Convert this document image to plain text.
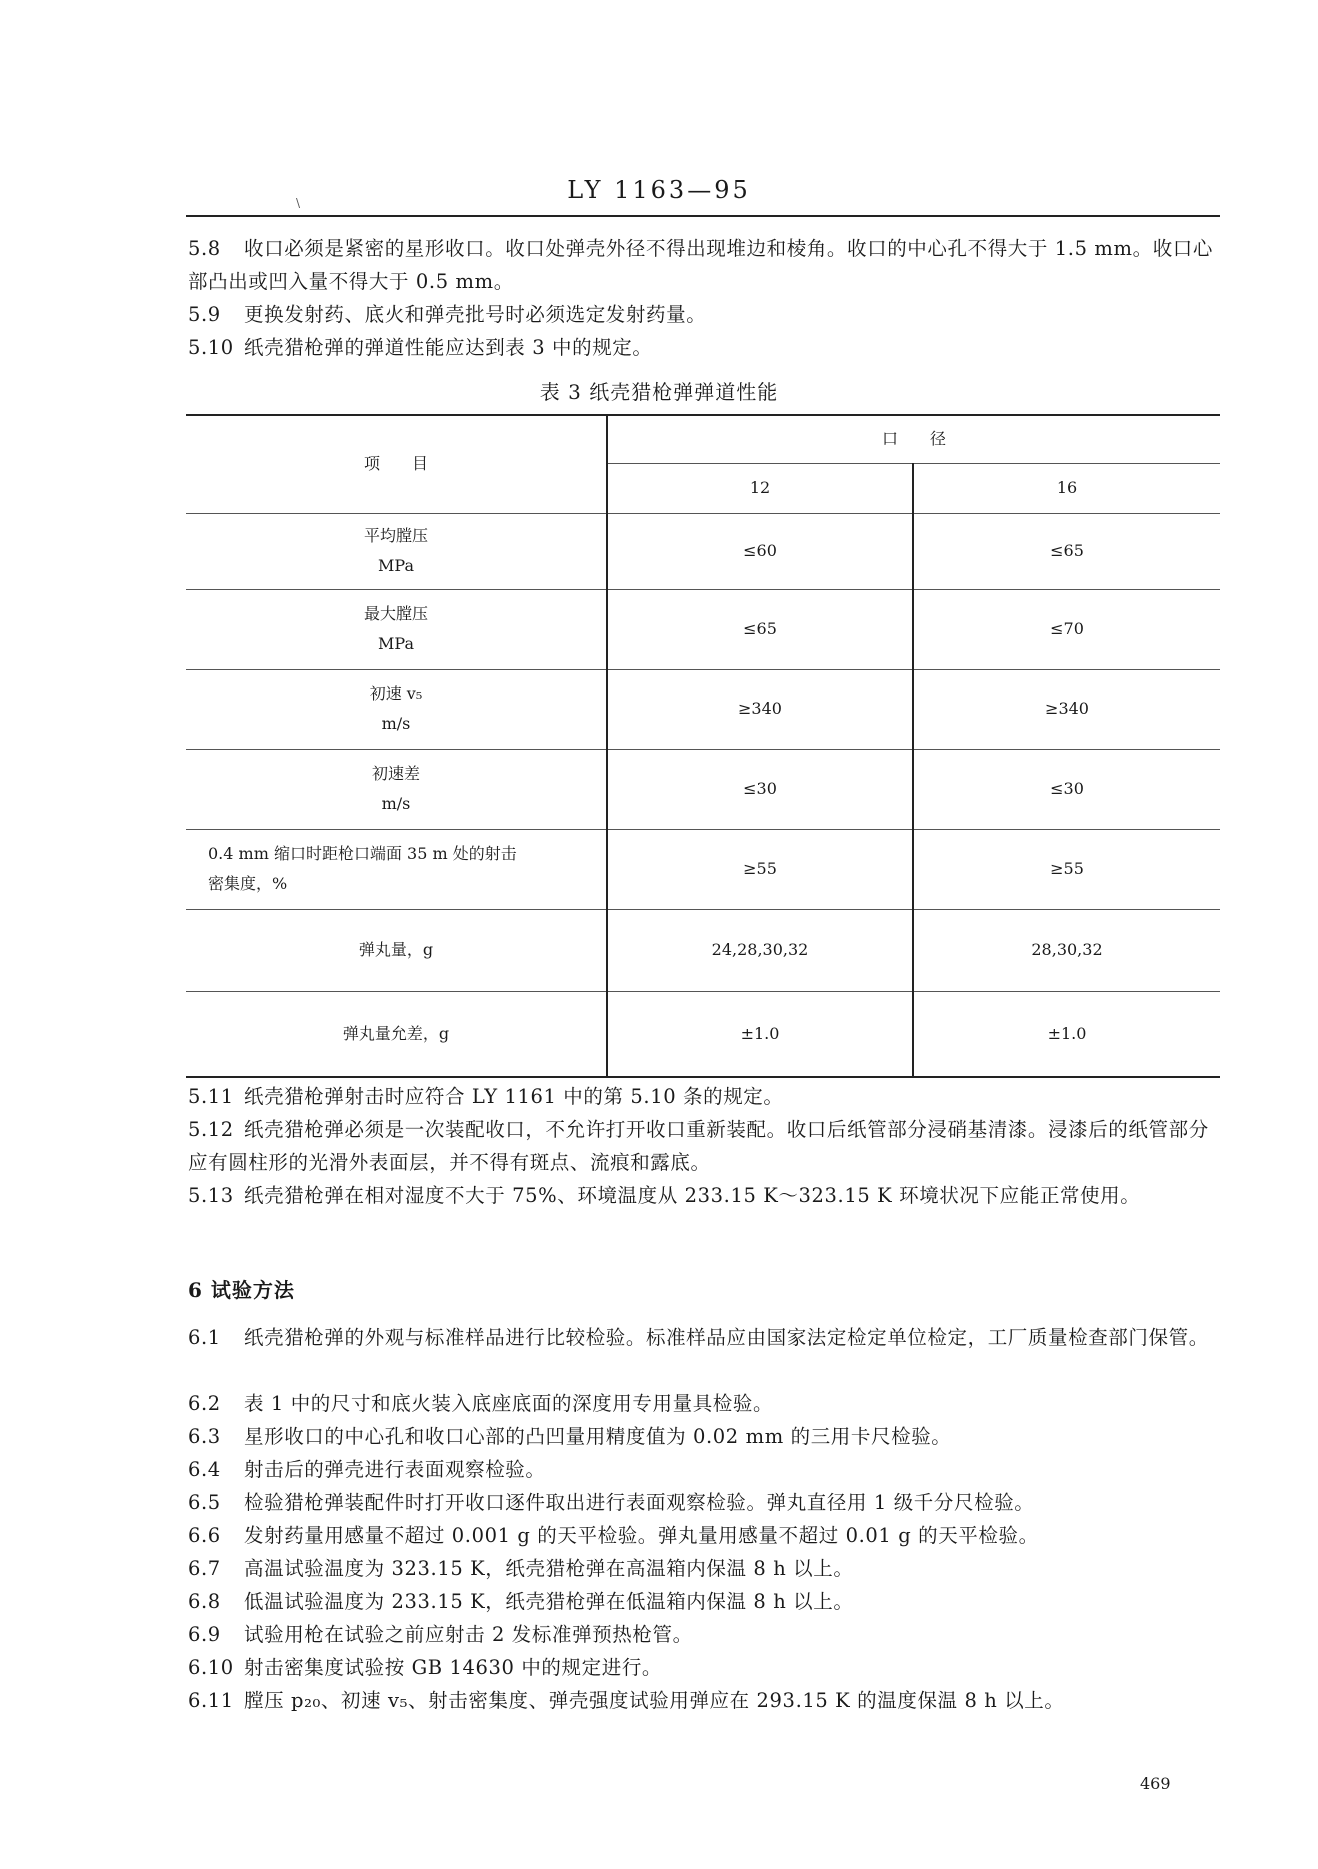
LY 1163—95
\
5.8 收口必须是紧密的星形收口。收口处弹壳外径不得出现堆边和棱角。收口的中心孔不得大于 1.5 mm。收口心部凸出或凹入量不得大于 0.5 mm。
5.9 更换发射药、底火和弹壳批号时必须选定发射药量。
5.10 纸壳猎枪弹的弹道性能应达到表 3 中的规定。
表 3 纸壳猎枪弹弹道性能
项　　目	口　　径	
	12	16

平均膛压
MPa	≤60	≤65

最大膛压
MPa	≤65	≤70

初速 v₅
m/s	≥340	≥340

初速差
m/s	≤30	≤30

0.4 mm 缩口时距枪口端面 35 m 处的射击
密集度，%	≥55	≥55
弹丸量，g	24,28,30,32	28,30,32
弹丸量允差，g	±1.0	±1.0
5.11 纸壳猎枪弹射击时应符合 LY 1161 中的第 5.10 条的规定。
5.12 纸壳猎枪弹必须是一次装配收口，不允许打开收口重新装配。收口后纸管部分浸硝基清漆。浸漆后的纸管部分应有圆柱形的光滑外表面层，并不得有斑点、流痕和露底。
5.13 纸壳猎枪弹在相对湿度不大于 75%、环境温度从 233.15 K～323.15 K 环境状况下应能正常使用。
6 试验方法
6.1 纸壳猎枪弹的外观与标准样品进行比较检验。标准样品应由国家法定检定单位检定，工厂质量检查部门保管。
6.2 表 1 中的尺寸和底火装入底座底面的深度用专用量具检验。
6.3 星形收口的中心孔和收口心部的凸凹量用精度值为 0.02 mm 的三用卡尺检验。
6.4 射击后的弹壳进行表面观察检验。
6.5 检验猎枪弹装配件时打开收口逐件取出进行表面观察检验。弹丸直径用 1 级千分尺检验。
6.6 发射药量用感量不超过 0.001 g 的天平检验。弹丸量用感量不超过 0.01 g 的天平检验。
6.7 高温试验温度为 323.15 K，纸壳猎枪弹在高温箱内保温 8 h 以上。
6.8 低温试验温度为 233.15 K，纸壳猎枪弹在低温箱内保温 8 h 以上。
6.9 试验用枪在试验之前应射击 2 发标准弹预热枪管。
6.10 射击密集度试验按 GB 14630 中的规定进行。
6.11 膛压 p₂₀、初速 v₅、射击密集度、弹壳强度试验用弹应在 293.15 K 的温度保温 8 h 以上。
469
